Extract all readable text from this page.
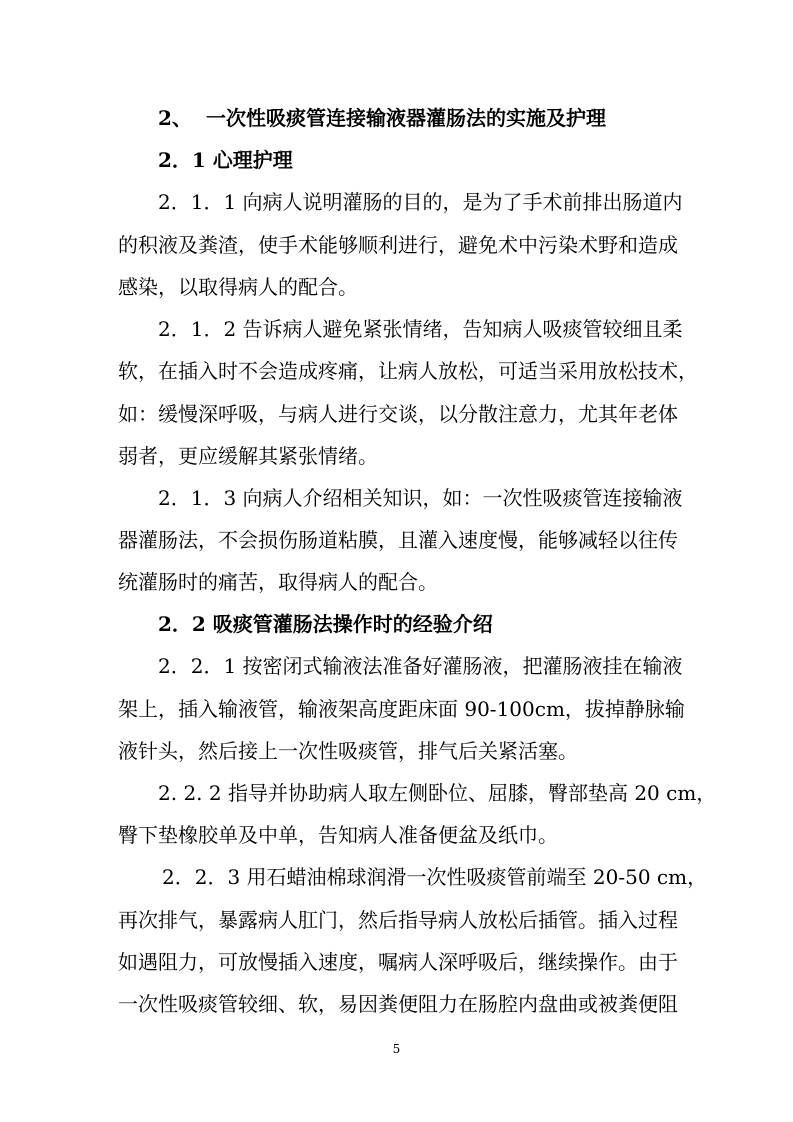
2、 一次性吸痰管连接输液器灌肠法的实施及护理
2．1 心理护理
2．1．1 向病人说明灌肠的目的，是为了手术前排出肠道内
的积液及粪渣，使手术能够顺利进行，避免术中污染术野和造成
感染，以取得病人的配合。
2．1．2 告诉病人避免紧张情绪，告知病人吸痰管较细且柔
软，在插入时不会造成疼痛，让病人放松，可适当采用放松技术，
如：缓慢深呼吸，与病人进行交谈，以分散注意力，尤其年老体
弱者，更应缓解其紧张情绪。
2．1．3 向病人介绍相关知识，如：一次性吸痰管连接输液
器灌肠法，不会损伤肠道粘膜，且灌入速度慢，能够减轻以往传
统灌肠时的痛苦，取得病人的配合。
2．2 吸痰管灌肠法操作时的经验介绍
2．2．1 按密闭式输液法准备好灌肠液，把灌肠液挂在输液
架上，插入输液管，输液架高度距床面 90-100cm，拔掉静脉输
液针头，然后接上一次性吸痰管，排气后关紧活塞。
2. 2. 2 指导并协助病人取左侧卧位、屈膝，臀部垫高 20 cm，
臀下垫橡胶单及中单，告知病人准备便盆及纸巾。
2．2．3 用石蜡油棉球润滑一次性吸痰管前端至 20-50 cm，
再次排气，暴露病人肛门，然后指导病人放松后插管。插入过程
如遇阻力，可放慢插入速度，嘱病人深呼吸后，继续操作。由于
一次性吸痰管较细、软，易因粪便阻力在肠腔内盘曲或被粪便阻
5
